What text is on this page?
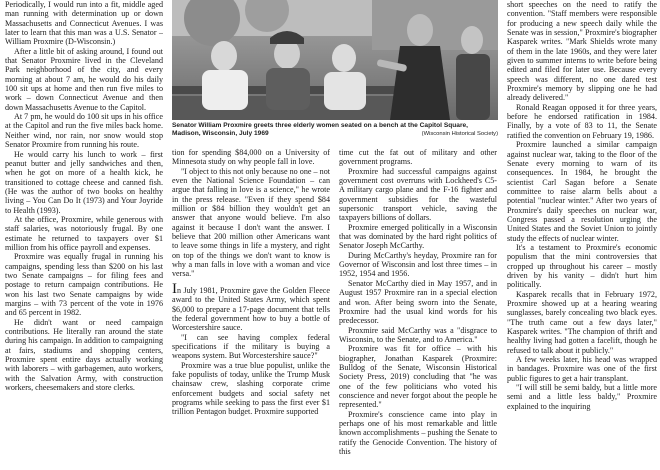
Periodically, I would run into a fit, middle aged man running with determination up or down Massachusetts and Connecticut Avenues. I was later to learn that this man was a U.S. Senator – William Proxmire (D-Wisconsin.)

After a little bit of asking around, I found out that Senator Proxmire lived in the Cleveland Park neighborhood of the city, and every morning at about 7 am, he would do his daily 100 sit ups at home and then run five miles to work – down Connecticut Avenue and then down Massachusetts Avenue to the Capitol.

At 7 pm, he would do 100 sit ups in his office at the Capitol and run the five miles back home. Neither wind, nor rain, nor snow would stop Senator Proxmire from running his route.

He would carry his lunch to work – first peanut butter and jelly sandwiches and then, when he got on more of a health kick, he transitioned to cottage cheese and canned fish. (He was the author of two books on healthy living – You Can Do It (1973) and Your Joyride to Health (1993).

At the office, Proxmire, while generous with staff salaries, was notoriously frugal. By one estimate he returned to taxpayers over $1 million from his office payroll and expenses.

Proxmire was equally frugal in running his campaigns, spending less than $200 on his last two Senate campaigns – for filing fees and postage to return campaign contributions. He won his last two Senate campaigns by wide margins – with 73 percent of the vote in 1976 and 65 percent in 1982.

He didn't want or need campaign contributions. He literally ran around the state during his campaign. In addition to campaigning at fairs, stadiums and shopping centers, Proxmire spent entire days actually working with laborers – with garbagemen, auto workers, with the Salvation Army, with construction workers, cheesemakers and store clerks.

Senator William Proxmire greets three elderly women seated on a bench at the Capitol Square, Madison, Wisconsin, July 1969	(Wisconsin Historical Society)

tion for spending $84,000 on a University of Minnesota study on why people fall in love.

"I object to this not only because no one – not even the National Science Foundation – can argue that falling in love is a science," he wrote in the press release. "Even if they spend $84 million or $84 billion they wouldn't get an answer that anyone would believe. I'm also against it because I don't want the answer. I believe that 200 million other Americans want to leave some things in life a mystery, and right on top of the things we don't want to know is why a man falls in love with a woman and vice versa."

In July 1981, Proxmire gave the Golden Fleece award to the United States Army, which spent $6,000 to prepare a 17-page document that tells the federal government how to buy a bottle of Worcestershire sauce.

"I can see having complex federal specifications if the military is buying a weapons system. But Worcestershire sauce?"

Proxmire was a true blue populist, unlike the fake populists of today, unlike the Trump Musk chainsaw crew, slashing corporate crime enforcement budgets and social safety net programs while seeking to pass the first ever $1 trillion Pentagon budget. Proxmire supported

time cut the fat out of military and other government programs.

Proxmire had successful campaigns against government cost overruns with Lockheed's C5-A military cargo plane and the F-16 fighter and government subsidies for the wasteful supersonic transport vehicle, saving the taxpayers billions of dollars.

Proxmire emerged politically in a Wisconsin that was dominated by the hard right politics of Senator Joseph McCarthy.

During McCarthy's heyday, Proxmire ran for Governor of Wisconsin and lost three times – in 1952, 1954 and 1956.

Senator McCarthy died in May 1957, and in August 1957 Proxmire ran in a special election and won. After being sworn into the Senate, Proxmire had the usual kind words for his predecessor.

Proxmire said McCarthy was a "disgrace to Wisconsin, to the Senate, and to America."

Proxmire was fit for office – with his biographer, Jonathan Kasparek (Proxmire: Bulldog of the Senate, Wisconsin Historical Society Press, 2019) concluding that "he was one of the few politicians who voted his conscience and never forgot about the people he represented."

Proxmire's conscience came into play in perhaps one of his most remarkable and little known accomplishments – pushing the Senate to ratify the Genocide Convention. The history of this

short speeches on the need to ratify the convention. "Staff members were responsible for producing a new speech daily while the Senate was in session," Proxmire's biographer Kasparek writes. "Mark Shields wrote many of them in the late 1960s, and they were later given to summer interns to write before being edited and filed for later use. Because every speech was different, no one dared test Proxmire's memory by slipping one he had already delivered."

Ronald Reagan opposed it for three years, before he endorsed ratification in 1984. Finally, by a vote of 83 to 11, the Senate ratified the convention on February 19, 1986.

Proxmire launched a similar campaign against nuclear war, taking to the floor of the Senate every morning to warn of its consequences. In 1984, he brought the scientist Carl Sagan before a Senate committee to raise alarm bells about a potential "nuclear winter." After two years of Proxmire's daily speeches on nuclear war, Congress passed a resolution urging the United States and the Soviet Union to jointly study the effects of nuclear winter.

It's a testament to Proxmire's economic populism that the mini controversies that cropped up throughout his career – mostly driven by his vanity – didn't hurt him politically.

Kasparek recalls that in February 1972, Proxmire showed up at a hearing wearing sunglasses, barely concealing two black eyes. "The truth came out a few days later," Kasparek writes. "The champion of thrift and healthy living had gotten a facelift, though he refused to talk about it publicly."

A few weeks later, his head was wrapped in bandages. Proxmire was one of the first public figures to get a hair transplant.

"I will still be semi baldy, but a little more semi and a little less baldy," Proxmire explained to the inquiring
